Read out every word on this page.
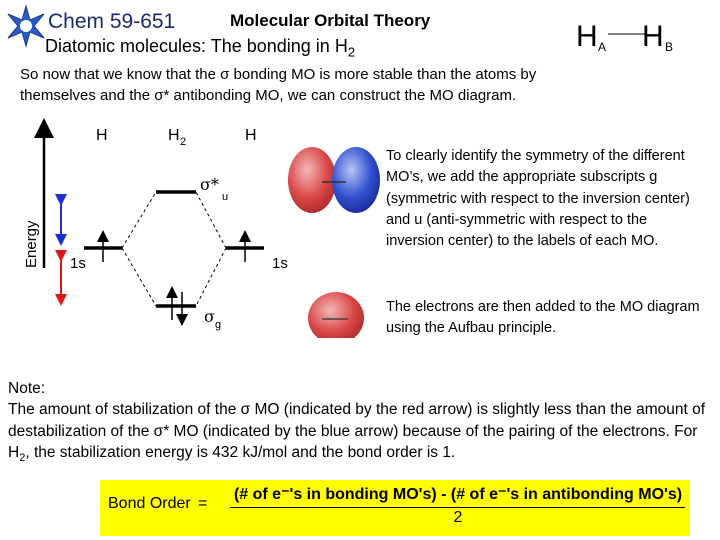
Chem 59-651	Molecular Orbital Theory
Diatomic molecules: The bonding in $H_2$	H A H B
So now that we know that the σ bonding MO is more stable than the atoms by
themselves and the σ* antibonding MO, we can construct the MO diagram.
Energy
H	H 2	H
σ*
u
1s	1s
σ g
To clearly identify the symmetry of the different MO’s, we add the appropriate subscripts g (symmetric with respect to the inversion center) and u (anti-symmetric with respect to the inversion center) to the labels of each MO.
The electrons are then added to the MO diagram using the Aufbau principle.
Note:
The amount of stabilization of the σ MO (indicated by the red arrow) is slightly less than the amount of destabilization of the σ* MO (indicated by the blue arrow) because of the pairing of the electrons. For $H_2$, the stabilization energy is 432 kJ/mol and the bond order is 1.
Bond Order =
(# of e⁻'s in bonding MO's) - (# of e⁻'s in antibonding MO's)
2
